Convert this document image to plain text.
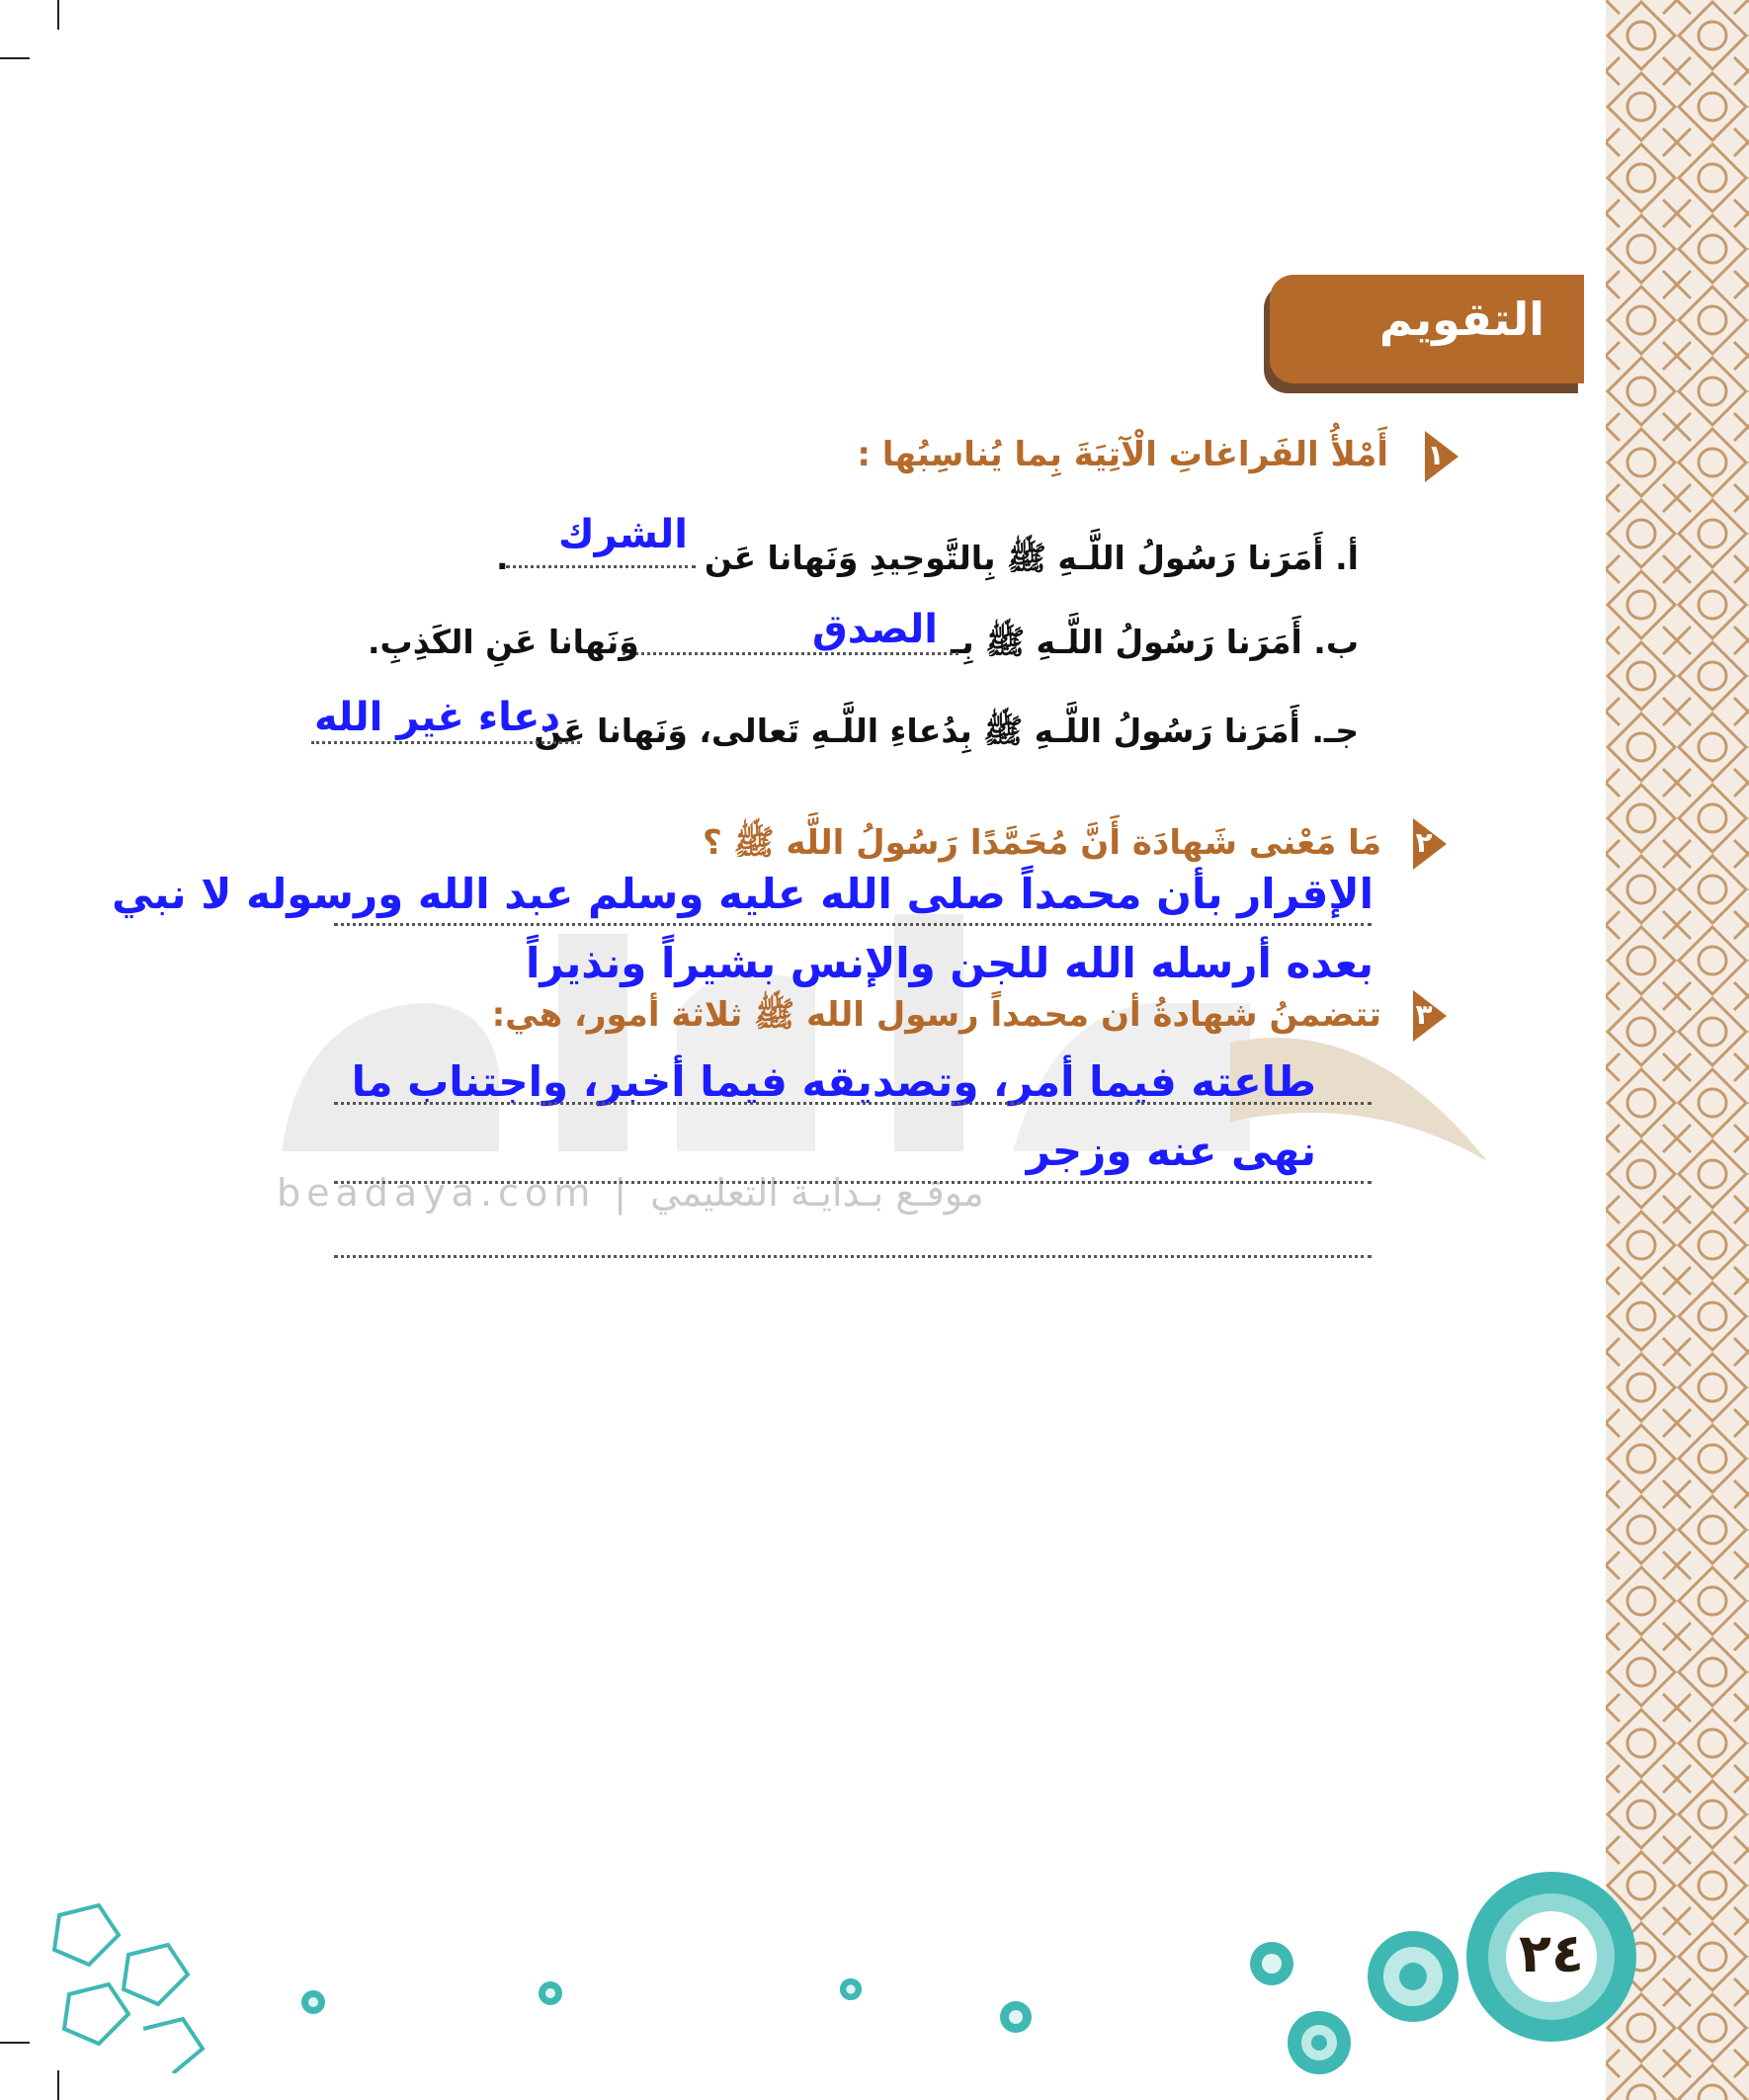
beadaya.com | موقـع بـدايـة التعليمي
التقويم
١
أَمْلأُ الفَراغاتِ الْآتِيَةَ بِما يُناسِبُها :
أ. أَمَرَنا رَسُولُ اللَّـهِ ﷺ بِالتَّوحِيدِ وَنَهانا عَن
.
الشرك
ب. أَمَرَنا رَسُولُ اللَّـهِ ﷺ بِـ
وَنَهانا عَنِ الكَذِبِ.	الصدق
جـ. أَمَرَنا رَسُولُ اللَّـهِ ﷺ بِدُعاءِ اللَّـهِ تَعالى، وَنَهانا عَن
دعاء غير الله
٢
مَا مَعْنى شَهادَة أَنَّ مُحَمَّدًا رَسُولُ اللَّه ﷺ ؟
الإقرار بأن محمداً صلى الله عليه وسلم عبد الله ورسوله لا نبي
بعده أرسله الله للجن والإنس بشيراً ونذيراً
٣
تتضمنُ شهادةُ أن محمداً رسول الله ﷺ ثلاثة أمور، هي:
طاعته فيما أمر، وتصديقه فيما أخبر، واجتناب ما
نهى عنه وزجر
٢٤
